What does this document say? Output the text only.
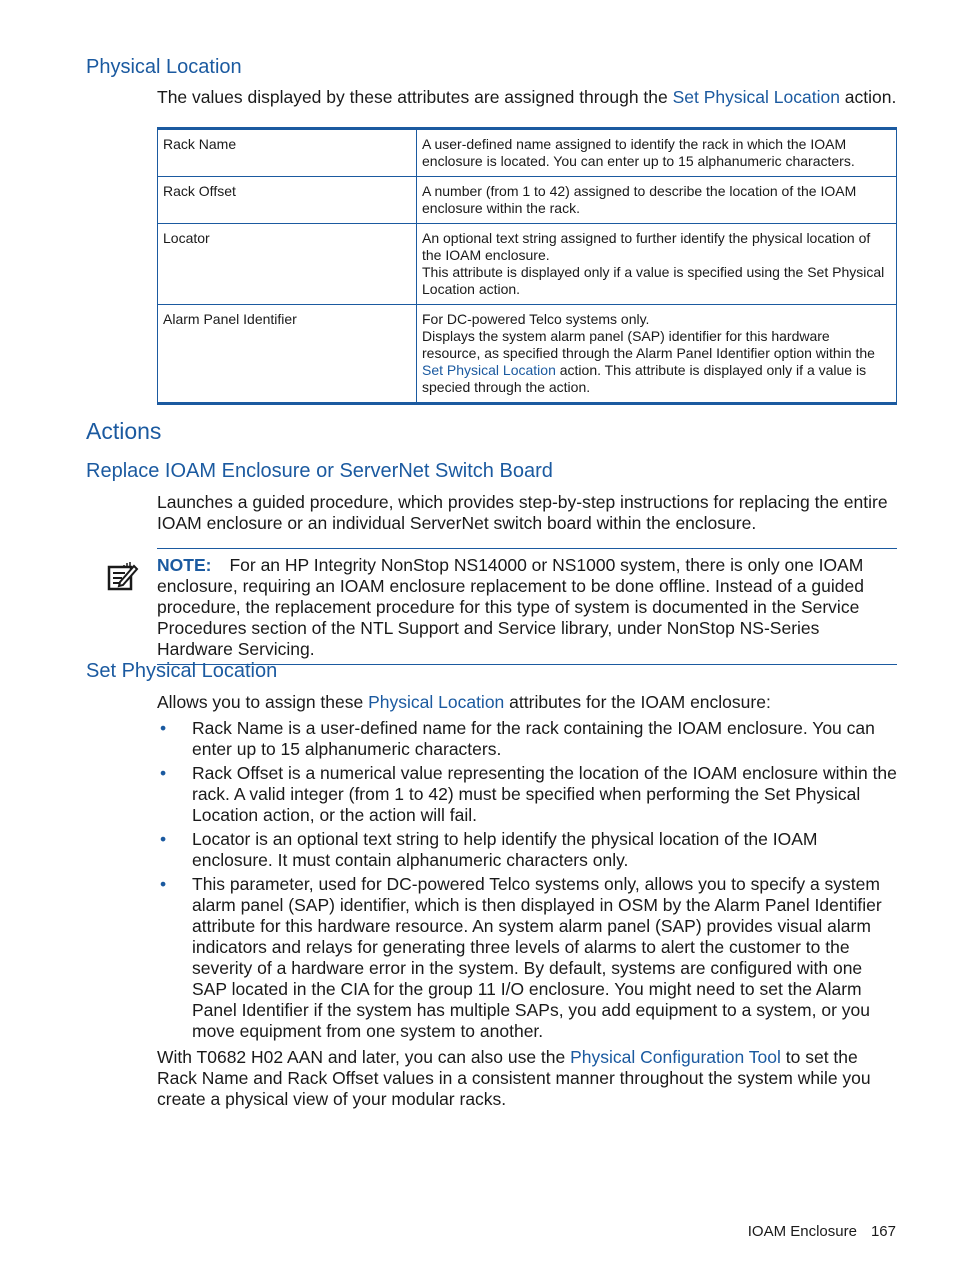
Physical Location

The values displayed by these attributes are assigned through the Set Physical Location action.

Rack Name	A user-defined name assigned to identify the rack in which the IOAM enclosure is located. You can enter up to 15 alphanumeric characters.
Rack Offset	A number (from 1 to 42) assigned to describe the location of the IOAM enclosure within the rack.
Locator	An optional text string assigned to further identify the physical location of the IOAM enclosure.
This attribute is displayed only if a value is specified using the Set Physical Location action.

Alarm Panel Identifier	For DC-powered Telco systems only.
Displays the system alarm panel (SAP) identifier for this hardware resource, as specified through the Alarm Panel Identifier option within the Set Physical Location action. This attribute is displayed only if a value is specied through the action.
Actions
Replace IOAM Enclosure or ServerNet Switch Board

Launches a guided procedure, which provides step-by-step instructions for replacing the entire IOAM enclosure or an individual ServerNet switch board within the enclosure.

NOTE: For an HP Integrity NonStop NS14000 or NS1000 system, there is only one IOAM enclosure, requiring an IOAM enclosure replacement to be done offline. Instead of a guided procedure, the replacement procedure for this type of system is documented in the Service Procedures section of the NTL Support and Service library, under NonStop NS-Series Hardware Servicing.
Set Physical Location

Allows you to assign these Physical Location attributes for the IOAM enclosure:

• Rack Name is a user-defined name for the rack containing the IOAM enclosure. You can enter up to 15 alphanumeric characters.
• Rack Offset is a numerical value representing the location of the IOAM enclosure within the rack. A valid integer (from 1 to 42) must be specified when performing the Set Physical Location action, or the action will fail.
• Locator is an optional text string to help identify the physical location of the IOAM enclosure. It must contain alphanumeric characters only.
• This parameter, used for DC-powered Telco systems only, allows you to specify a system alarm panel (SAP) identifier, which is then displayed in OSM by the Alarm Panel Identifier attribute for this hardware resource. An system alarm panel (SAP) provides visual alarm indicators and relays for generating three levels of alarms to alert the customer to the severity of a hardware error in the system. By default, systems are configured with one SAP located in the CIA for the group 11 I/O enclosure. You might need to set the Alarm Panel Identifier if the system has multiple SAPs, you add equipment to a system, or you move equipment from one system to another.

With T0682 H02 AAN and later, you can also use the Physical Configuration Tool to set the Rack Name and Rack Offset values in a consistent manner throughout the system while you create a physical view of your modular racks.

IOAM Enclosure 167
